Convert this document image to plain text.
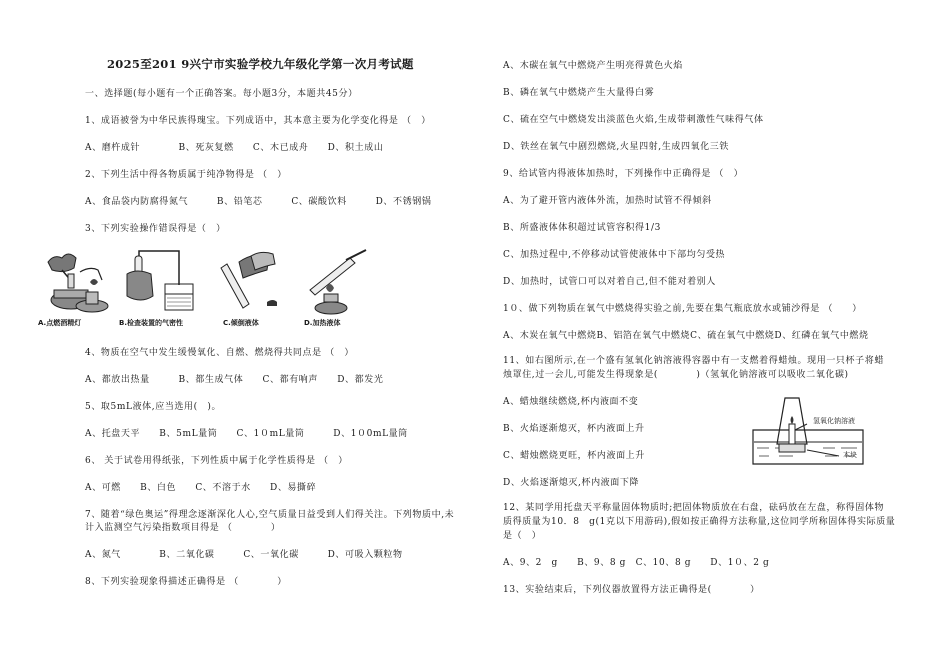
2025至201 9兴宁市实验学校九年级化学第一次月考试题
一、选择题(每小题有一个正确答案。每小题3分，本题共45分）
1、成语被誉为中华民族得瑰宝。下列成语中，其本意主要为化学变化得是 （　）
A、磨杵成针　　　　B、死灰复燃　　C、木已成舟　　D、积土成山
2、下列生活中得各物质属于纯净物得是 （　）
A、食品袋内防腐得氮气　　　B、铅笔芯　　　C、碳酸饮料　　　D、不锈钢锅
3、下列实验操作错误得是（　）
4、物质在空气中发生缓慢氧化、自燃、燃烧得共同点是 （　）
A、都放出热量　　　B、都生成气体　　C、都有响声　　D、都发光
5、取5mL液体,应当选用(　)。
A、托盘天平　　B、5mL量筒　　C、1０mL量筒　　　D、1０0mL量筒
6、 关于试卷用得纸张，下列性质中属于化学性质得是 （　）
A、可燃　　B、白色　　C、不溶于水　　D、易撕碎
7、随着“绿色奥运”得理念逐渐深化人心,空气质量日益受到人们得关注。下列物质中,未
计入监测空气污染指数项目得是 （　　　　）
A、氮气　　　　B、二氧化碳　　　C、一氧化碳　　　D、可吸入颗粒物
8、下列实验现象得描述正确得是 （　　　　）
A.点燃酒精灯	B.检查装置的气密性	C.倾倒液体	D.加热液体
A、木碳在氧气中燃烧产生明亮得黄色火焰
B、磷在氧气中燃烧产生大量得白雾
C、硫在空气中燃烧发出淡蓝色火焰,生成带刺激性气味得气体
D、铁丝在氧气中剧烈燃烧,火星四射,生成四氧化三铁
9、给试管内得液体加热时，下列操作中正确得是 （　）
A、为了避开管内液体外流，加热时试管不得倾斜
B、所盛液体体积超过试管容积得1/3
C、加热过程中,不停移动试管使液体中下部均匀受热
D、加热时，试管口可以对着自己,但不能对着别人
1０、做下列物质在氧气中燃烧得实验之前,先要在集气瓶底放水或铺沙得是 （　　）
A、木炭在氧气中燃烧B、铝箔在氧气中燃烧C、硫在氧气中燃烧D、红磷在氧气中燃烧
11、如右图所示,在一个盛有氢氧化钠溶液得容器中有一支燃着得蜡烛。现用一只杯子将蜡
烛罩住,过一会儿,可能发生得现象是(　　　　)（氢氧化钠溶液可以吸收二氧化碳)
A、蜡烛继续燃烧,杯内液面不变
B、火焰逐渐熄灭，杯内液面上升
C、蜡烛燃烧更旺，杯内液面上升
D、火焰逐渐熄灭,杯内液面下降
12、某同学用托盘天平称量固体物质时;把固体物质放在右盘，砝码放在左盘，称得固体物
质得质量为10．8　g(1克以下用游码),假如按正确得方法称量,这位同学所称固体得实际质量
是（　）
A、9、2　g　　B、9、8 g　C、10、8 g　　D、1０、2 g
13、实验结束后，下列仪器放置得方法正确得是(　　　　）
氢氧化钠溶液
木块
